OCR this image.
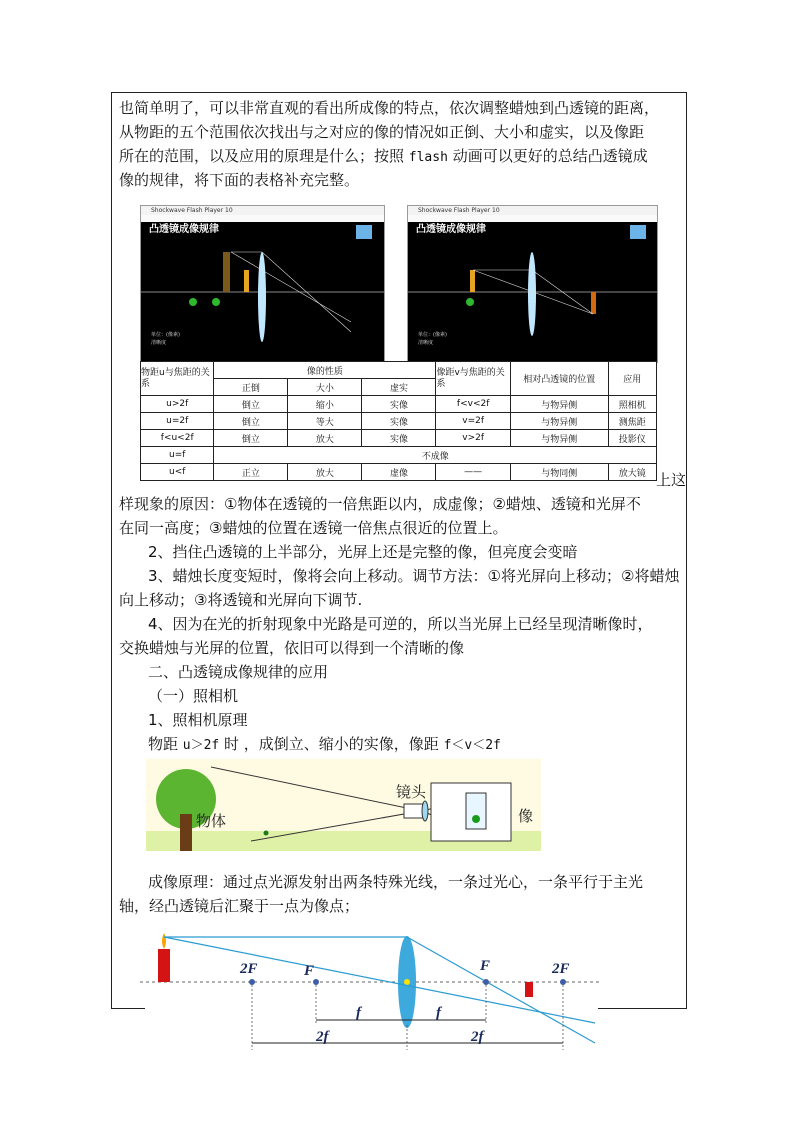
也简单明了，可以非常直观的看出所成像的特点，依次调整蜡烛到凸透镜的距离，
从物距的五个范围依次找出与之对应的像的情况如正倒、大小和虚实，以及像距
所在的范围，以及应用的原理是什么；按照 flash 动画可以更好的总结凸透镜成
像的规律，将下面的表格补充完整。
Shockwave Flash Player 10
凸透镜成像规律
单位：(像素)
清晰度
Shockwave Flash Player 10
凸透镜成像规律
单位：(像素)
清晰度
物距u与焦距的关系	像的性质			像距v与焦距的关系	相对凸透镜的位置	应用
	正倒	大小	虚实			
u>2f	倒立	缩小	实像	f<v<2f	与物异侧	照相机
u=2f	倒立	等大	实像	v=2f	与物异侧	测焦距
f<u<2f	倒立	放大	实像	v>2f	与物异侧	投影仪
u=f	不成像					
u<f	正立	放大	虚像	——	与物同侧	放大镜 上这
样现象的原因：①物体在透镜的一倍焦距以内，成虚像；②蜡烛、透镜和光屏不
在同一高度；③蜡烛的位置在透镜一倍焦点很近的位置上。
2、挡住凸透镜的上半部分，光屏上还是完整的像，但亮度会变暗
3、蜡烛长度变短时，像将会向上移动。调节方法：①将光屏向上移动；②将蜡烛
向上移动；③将透镜和光屏向下调节.
4、因为在光的折射现象中光路是可逆的，所以当光屏上已经呈现清晰像时，
交换蜡烛与光屏的位置，依旧可以得到一个清晰的像
二、凸透镜成像规律的应用
（一）照相机
1、照相机原理
物距 u＞2f 时 ，成倒立、缩小的实像，像距 f＜v＜2f
物体
镜头
像
成像原理：通过点光源发射出两条特殊光线，一条过光心，一条平行于主光
轴，经凸透镜后汇聚于一点为像点；
2F	F	F	2F
f	f
2f	2f
